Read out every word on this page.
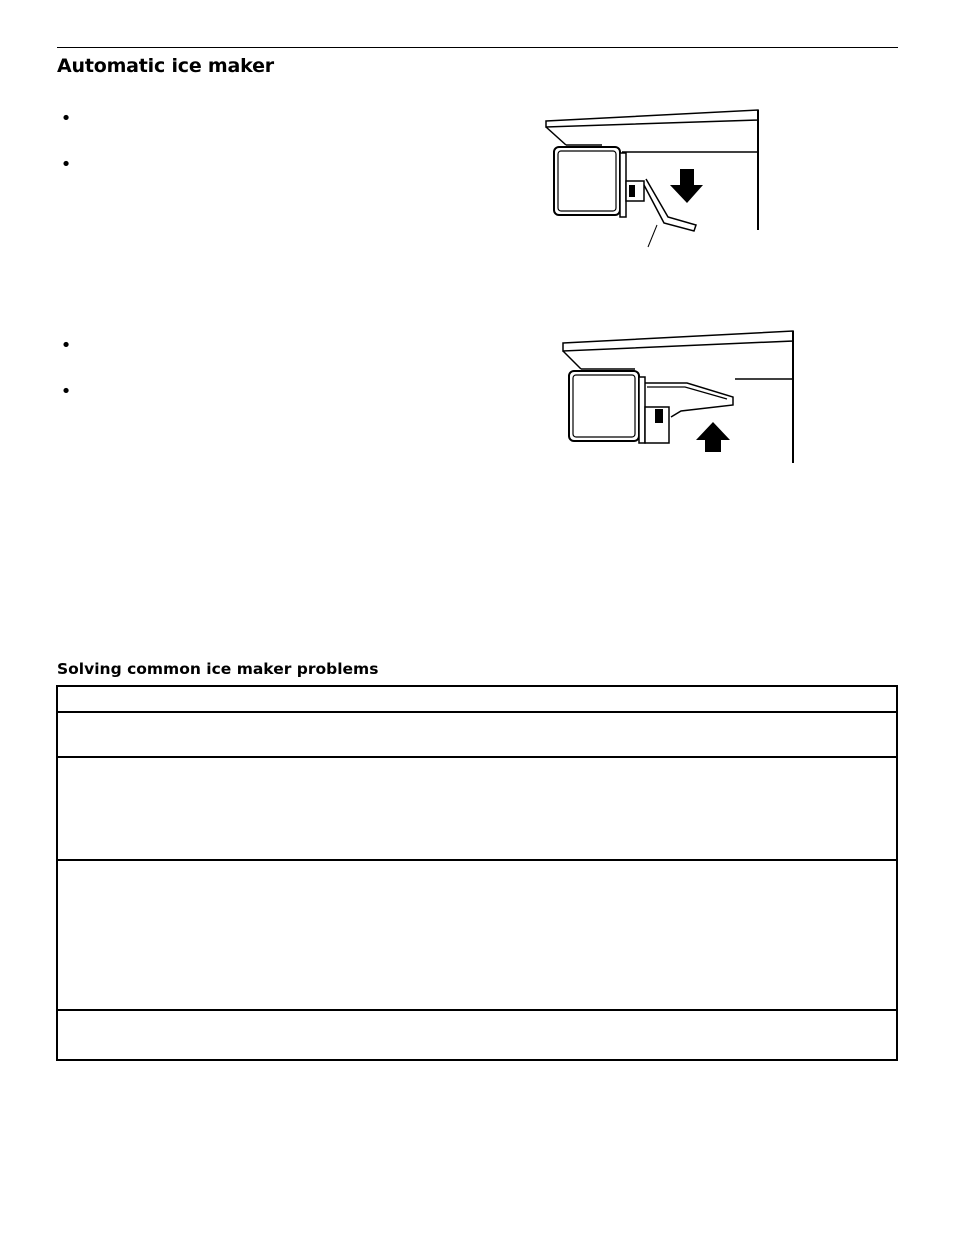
Automatic ice maker
•
•
•
•
Solving common ice maker problems
